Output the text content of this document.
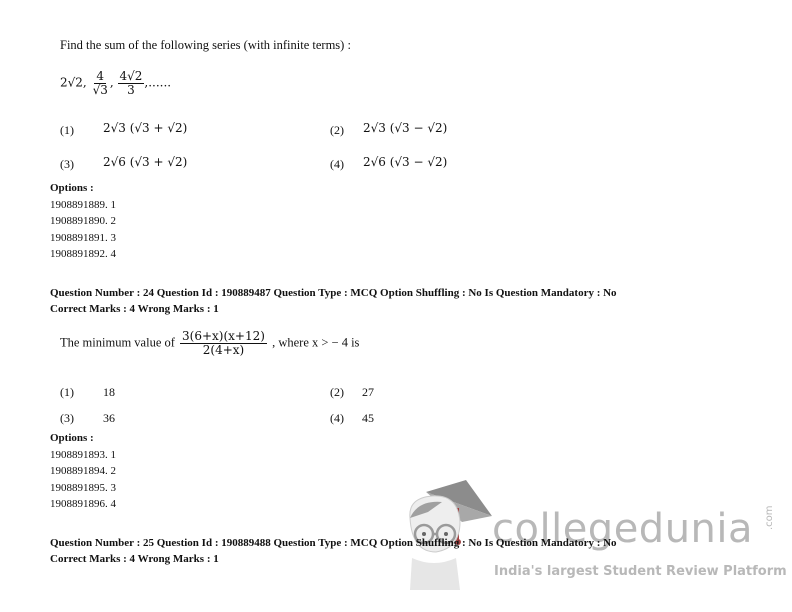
Find the sum of the following series (with infinite terms) :
2√2, $\frac{4}{√3}$ , $\frac{4√2}{3}$ ,......
(1) 2√3 (√3 + √2)	(2) 2√3 (√3 − √2)
(3) 2√6 (√3 + √2)	(4) 2√6 (√3 − √2)
Options :
1908891889. 1
1908891890. 2
1908891891. 3
1908891892. 4
Question Number : 24 Question Id : 190889487 Question Type : MCQ Option Shuffling : No Is Question Mandatory : No
Correct Marks : 4 Wrong Marks : 1
The minimum value of $\frac{3(6+x)(x+12)}{2(4+x)}$ , where x > − 4 is
(1) 18	(2) 27
(3) 36	(4) 45
Options :
1908891893. 1
1908891894. 2
1908891895. 3
1908891896. 4
collegedunia .com
India's largest Student Review Platform
Question Number : 25 Question Id : 190889488 Question Type : MCQ Option Shuffling : No Is Question Mandatory : No
Correct Marks : 4 Wrong Marks : 1
